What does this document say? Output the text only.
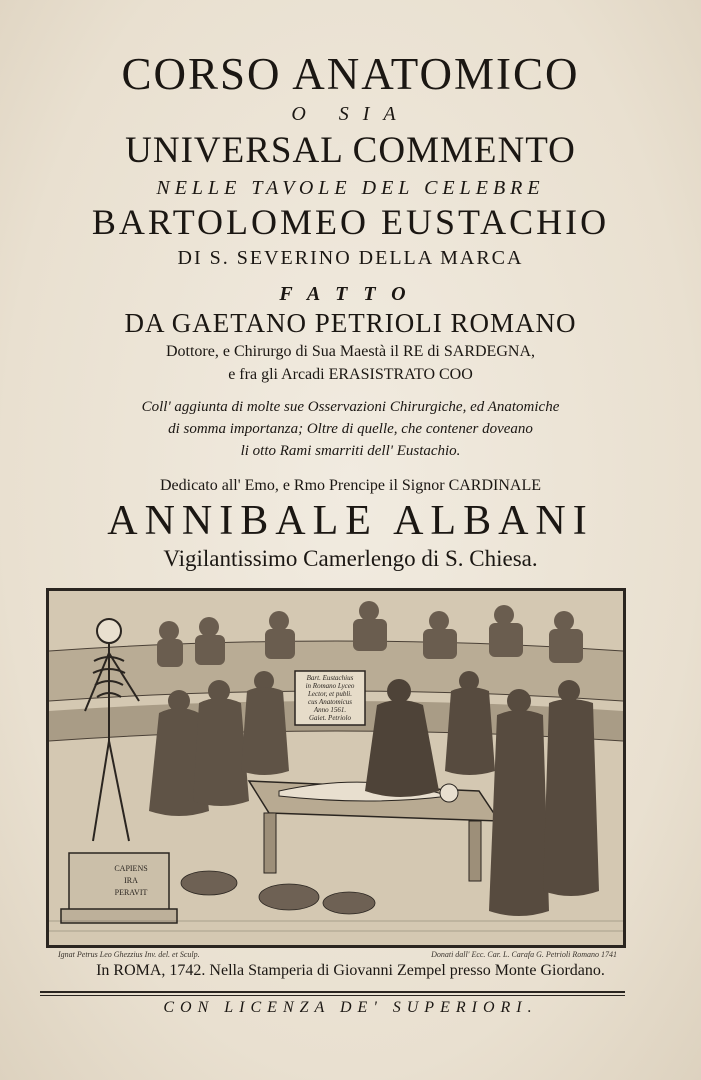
CORSO ANATOMICO
O SIA
UNIVERSAL COMMENTO
NELLE TAVOLE DEL CELEBRE
BARTOLOMEO EUSTACHIO
DI S. SEVERINO DELLA MARCA
FATTO
DA GAETANO PETRIOLI ROMANO
Dottore, e Chirurgo di Sua Maestà il RE di SARDEGNA,
e fra gli Arcadi ERASISTRATO COO
Coll' aggiunta di molte sue Osservazioni Chirurgiche, ed Anatomiche
di somma importanza; Oltre di quelle, che contener doveano
li otto Rami smarriti dell' Eustachio.
Dedicato all' Emo, e Rmo Prencipe il Signor CARDINALE
ANNIBALE ALBANI
Vigilantissimo Camerlengo di S. Chiesa.
Bart. Eustachius
in Romano Lyceo
Lector, et publi.
cus Anatomicus
Anno 1561.
Gaiet. Petriolo
CAPIENS
IRA
PERAVIT
Ignat Petrus Leo Ghezzius Inv. del. et Sculp.	Donati dall' Ecc. Car. L. Carafa G. Petrioli Romano 1741
In ROMA, 1742. Nella Stamperia di Giovanni Zempel presso Monte Giordano.
CON LICENZA DE' SUPERIORI.
